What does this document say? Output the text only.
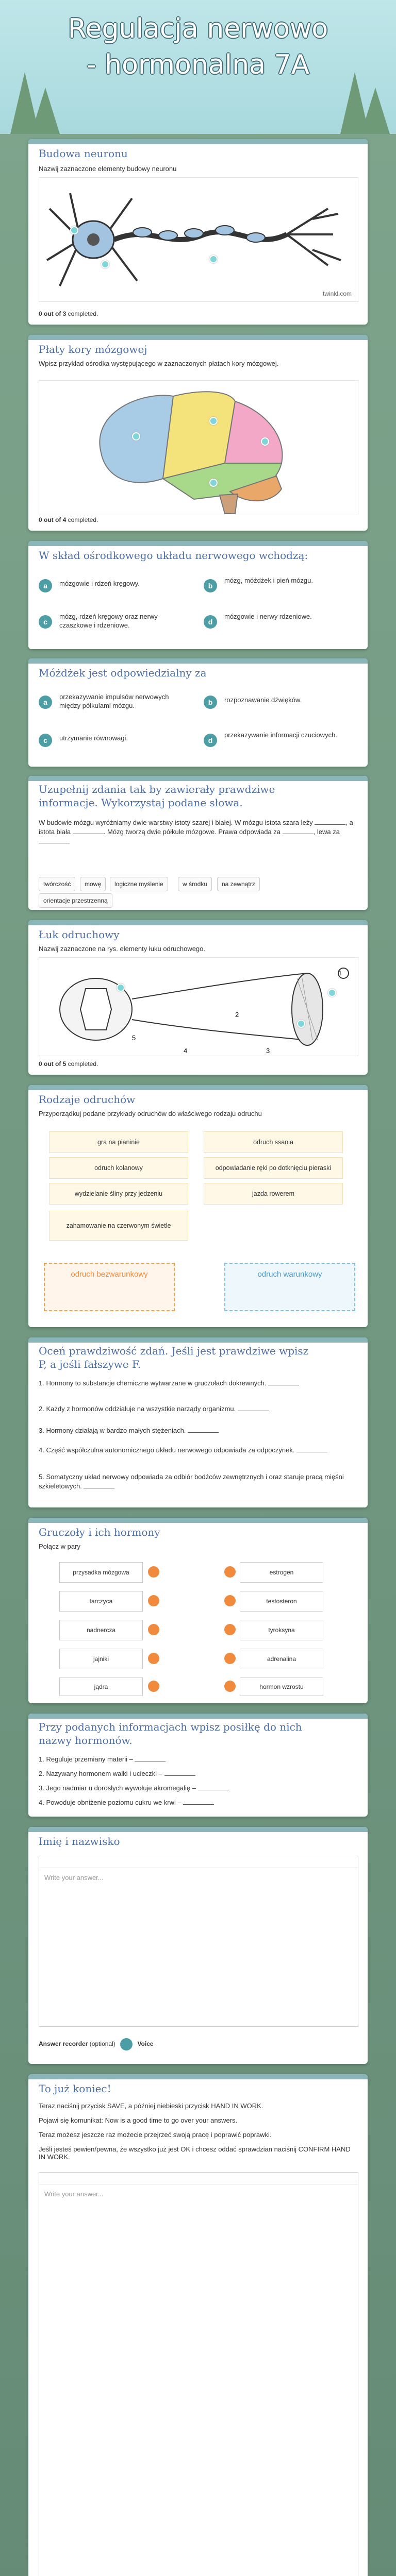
Regulacja nerwowo
- hormonalna 7A
Budowa neuronu
Nazwij zaznaczone elementy budowy neuronu
twinkl.com
0 out of 3 completed.
Płaty kory mózgowej
Wpisz przykład ośrodka występującego w zaznaczonych płatach kory mózgowej.
0 out of 4 completed.
W skład ośrodkowego układu nerwowego wchodzą:
a	mózgowie i rdzeń kręgowy.	b
mózg, móżdżek i pień mózgu.
c
mózg, rdzeń kręgowy oraz nerwy czaszkowe i rdzeniowe.	d
mózgowie i nerwy rdzeniowe.
Móżdżek jest odpowiedzialny za
a
przekazywanie impulsów nerwowych między półkulami mózgu.	b	rozpoznawanie dźwięków.
c	utrzymanie równowagi.	d
przekazywanie informacji czuciowych.
Uzupełnij zdania tak by zawierały prawdziwe
informacje. Wykorzystaj podane słowa.
W budowie mózgu wyróżniamy dwie warstwy istoty szarej i białej. W mózgu istota szara leży	, a istota biała	. Mózg tworzą dwie półkule mózgowe. Prawa odpowiada za	, lewa za
twórczość	mowę	logiczne myślenie	w środku	na zewnątrz
orientacje przestrzenną
Łuk odruchowy
Nazwij zaznaczone na rys. elementy łuku odruchowego.
1
2
3
4
5
0 out of 5 completed.
Rodzaje odruchów
Przyporządkuj podane przykłady odruchów do właściwego rodzaju odruchu
gra na pianinie	odruch ssania
odruch kolanowy	odpowiadanie ręki po dotknięciu pieraski
wydzielanie śliny przy jedzeniu	jazda rowerem
zahamowanie na czerwonym świetle
odruch bezwarunkowy	odruch warunkowy
Oceń prawdziwość zdań. Jeśli jest prawdziwe wpisz
P, a jeśli fałszywe F.
1. Hormony to substancje chemiczne wytwarzane w gruczołach dokrewnych.
2. Każdy z hormonów oddziałuje na wszystkie narządy organizmu.
3. Hormony działają w bardzo małych stężeniach.
4. Część współczulna autonomicznego układu nerwowego odpowiada za odpoczynek.
5. Somatyczny układ nerwowy odpowiada za odbiór bodźców zewnętrznych i oraz staruje pracą mięśni szkieletowych.
Gruczoły i ich hormony
Połącz w pary
przysadka mózgowa
tarczyca
nadnercza
jajniki
jądra
estrogen
testosteron
tyroksyna
adrenalina
hormon wzrostu
Przy podanych informacjach wpisz posiłkę do nich
nazwy hormonów.
1. Reguluje przemiany materii –
2. Nazywany hormonem walki i ucieczki –
3. Jego nadmiar u dorosłych wywołuje akromegalię –
4. Powoduje obniżenie poziomu cukru we krwi –
Imię i nazwisko
Write your answer...
Answer recorder (optional)	Voice
To już koniec!
Teraz naciśnij przycisk SAVE, a później niebieski przycisk HAND IN WORK.
Pojawi się komunikat: Now is a good time to go over your answers.
Teraz możesz jeszcze raz możecie przejrzeć swoją pracę i poprawić poprawki.
Jeśli jesteś pewien/pewna, że wszystko już jest OK i chcesz oddać sprawdzian naciśnij CONFIRM HAND IN WORK.
Write your answer...
